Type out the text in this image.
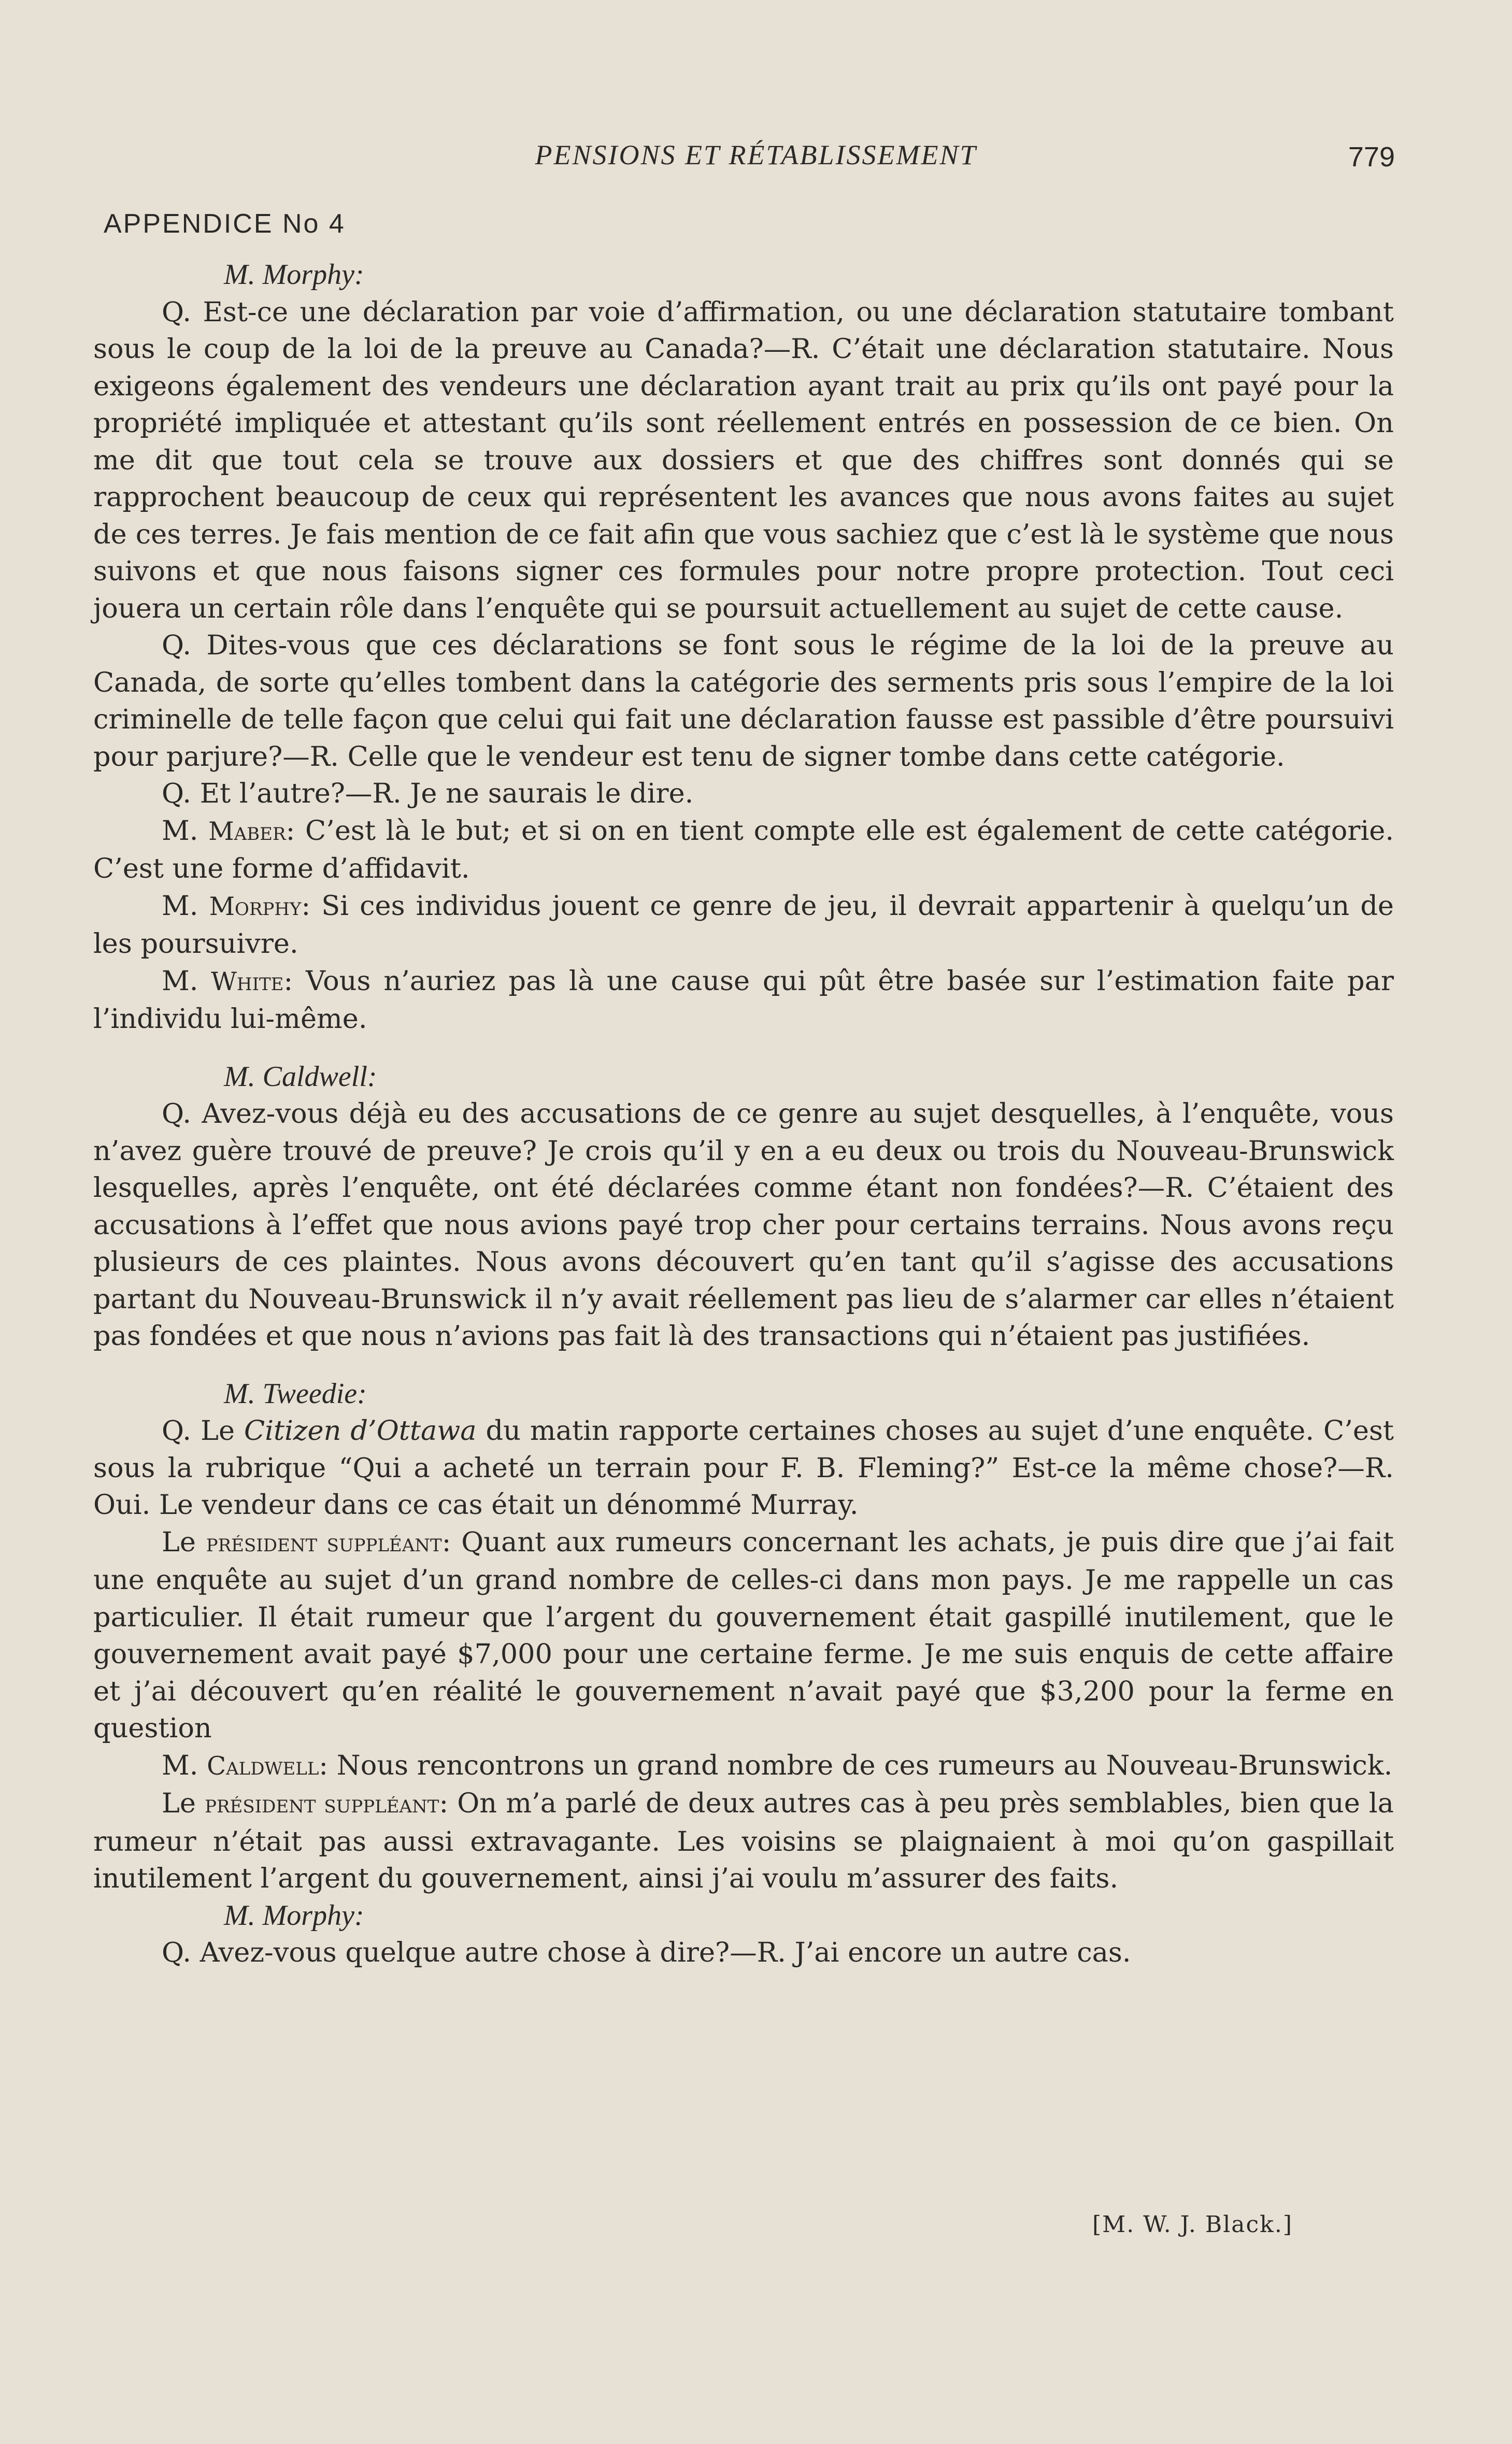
PENSIONS ET RÉTABLISSEMENT	779
APPENDICE No 4

M. Morphy:

Q. Est-ce une déclaration par voie d’affirmation, ou une déclaration statutaire tombant sous le coup de la loi de la preuve au Canada?—R. C’était une déclaration statutaire. Nous exigeons également des vendeurs une déclaration ayant trait au prix qu’ils ont payé pour la propriété impliquée et attestant qu’ils sont réellement entrés en possession de ce bien. On me dit que tout cela se trouve aux dossiers et que des chiffres sont donnés qui se rapprochent beaucoup de ceux qui représentent les avances que nous avons faites au sujet de ces terres. Je fais mention de ce fait afin que vous sachiez que c’est là le système que nous suivons et que nous faisons signer ces formules pour notre propre protection. Tout ceci jouera un certain rôle dans l’enquête qui se poursuit actuellement au sujet de cette cause.

Q. Dites-vous que ces déclarations se font sous le régime de la loi de la preuve au Canada, de sorte qu’elles tombent dans la catégorie des serments pris sous l’empire de la loi criminelle de telle façon que celui qui fait une déclaration fausse est passible d’être poursuivi pour parjure?—R. Celle que le vendeur est tenu de signer tombe dans cette catégorie.

Q. Et l’autre?—R. Je ne saurais le dire.

M. Maber: C’est là le but; et si on en tient compte elle est également de cette catégorie. C’est une forme d’affidavit.

M. Morphy: Si ces individus jouent ce genre de jeu, il devrait appartenir à quelqu’un de les poursuivre.

M. White: Vous n’auriez pas là une cause qui pût être basée sur l’estimation faite par l’individu lui-même.

M. Caldwell:

Q. Avez-vous déjà eu des accusations de ce genre au sujet desquelles, à l’enquête, vous n’avez guère trouvé de preuve? Je crois qu’il y en a eu deux ou trois du Nouveau-Brunswick lesquelles, après l’enquête, ont été déclarées comme étant non fondées?—R. C’étaient des accusations à l’effet que nous avions payé trop cher pour certains terrains. Nous avons reçu plusieurs de ces plaintes. Nous avons découvert qu’en tant qu’il s’agisse des accusations partant du Nouveau-Brunswick il n’y avait réellement pas lieu de s’alarmer car elles n’étaient pas fondées et que nous n’avions pas fait là des transactions qui n’étaient pas justifiées.

M. Tweedie:

Q. Le Citizen d’Ottawa du matin rapporte certaines choses au sujet d’une enquête. C’est sous la rubrique “Qui a acheté un terrain pour F. B. Fleming?” Est-ce la même chose?—R. Oui. Le vendeur dans ce cas était un dénommé Murray.

Le président suppléant: Quant aux rumeurs concernant les achats, je puis dire que j’ai fait une enquête au sujet d’un grand nombre de celles-ci dans mon pays. Je me rappelle un cas particulier. Il était rumeur que l’argent du gouvernement était gaspillé inutilement, que le gouvernement avait payé $7,000 pour une certaine ferme. Je me suis enquis de cette affaire et j’ai découvert qu’en réalité le gouvernement n’avait payé que $3,200 pour la ferme en question

M. Caldwell: Nous rencontrons un grand nombre de ces rumeurs au Nouveau-Brunswick.

Le président suppléant: On m’a parlé de deux autres cas à peu près semblables, bien que la rumeur n’était pas aussi extravagante. Les voisins se plaignaient à moi qu’on gaspillait inutilement l’argent du gouvernement, ainsi j’ai voulu m’assurer des faits.

M. Morphy:

Q. Avez-vous quelque autre chose à dire?—R. J’ai encore un autre cas.

[M. W. J. Black.]
